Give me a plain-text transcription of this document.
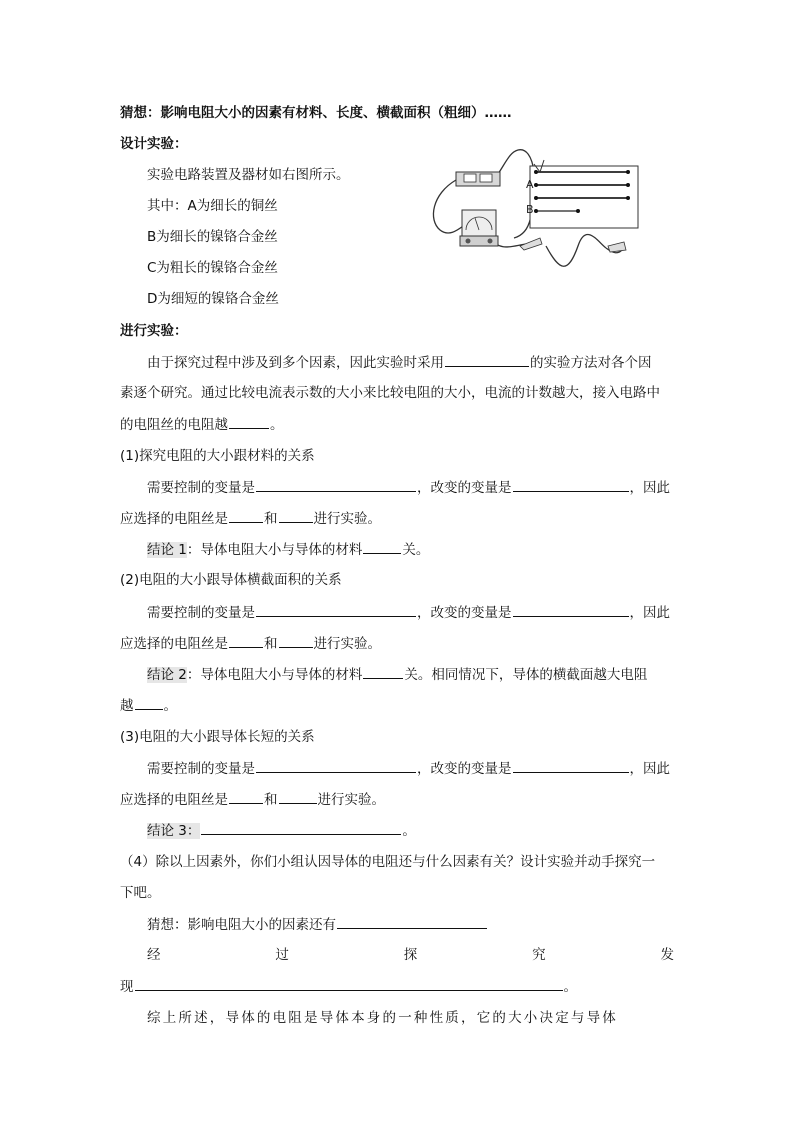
猜想：影响电阻大小的因素有材料、长度、横截面积（粗细）……
设计实验：
实验电路装置及器材如右图所示。
其中：A为细长的铜丝
B为细长的镍铬合金丝
C为粗长的镍铬合金丝
D为细短的镍铬合金丝
A
B
进行实验：
由于探究过程中涉及到多个因素，因此实验时采用	的实验方法对各个因
素逐个研究。通过比较电流表示数的大小来比较电阻的大小，电流的计数越大，接入电路中
的电阻丝的电阻越	。
(1)探究电阻的大小跟材料的关系
需要控制的变量是	，改变的变量是	，因此
应选择的电阻丝是	和	进行实验。
结论 1：导体电阻大小与导体的材料	关。
(2)电阻的大小跟导体横截面积的关系
需要控制的变量是	，改变的变量是	，因此
应选择的电阻丝是	和	进行实验。
结论 2：导体电阻大小与导体的材料	关。相同情况下，导体的横截面越大电阻
越 。
(3)电阻的大小跟导体长短的关系
需要控制的变量是	，改变的变量是	，因此
应选择的电阻丝是	和	进行实验。
结论 3：	。
（4）除以上因素外，你们小组认因导体的电阻还与什么因素有关？设计实验并动手探究一
下吧。
猜想：影响电阻大小的因素还有
经	过	探	究	发
现	。
综上所述，导体的电阻是导体本身的一种性质，它的大小决定与导体
